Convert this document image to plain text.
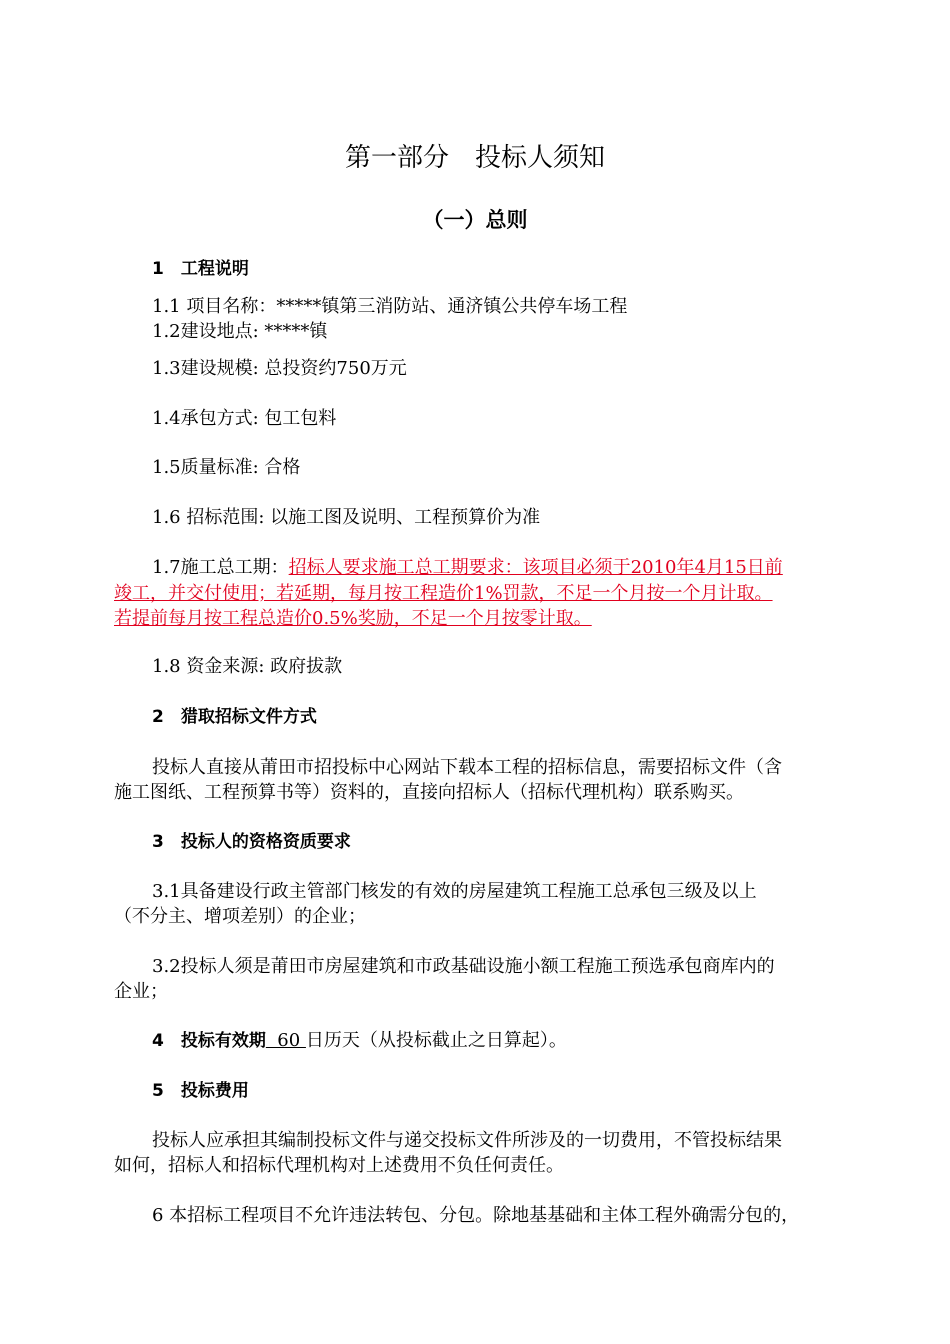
第一部分　投标人须知
（一）总则
1　工程说明
1.1 项目名称：*****镇第三消防站、通济镇公共停车场工程
1.2建设地点: *****镇
1.3建设规模: 总投资约750万元
1.4承包方式: 包工包料
1.5质量标准: 合格
1.6 招标范围: 以施工图及说明、工程预算价为准
1.7施工总工期：招标人要求施工总工期要求：该项目必须于2010年4月15日前
竣工，并交付使用；若延期，每月按工程造价1%罚款，不足一个月按一个月计取。
若提前每月按工程总造价0.5%奖励，不足一个月按零计取。
1.8 资金来源: 政府拔款
2　猎取招标文件方式
投标人直接从莆田市招投标中心网站下载本工程的招标信息，需要招标文件（含
施工图纸、工程预算书等）资料的，直接向招标人（招标代理机构）联系购买。
3　投标人的资格资质要求
3.1具备建设行政主管部门核发的有效的房屋建筑工程施工总承包三级及以上
（不分主、增项差别）的企业；
3.2投标人须是莆田市房屋建筑和市政基础设施小额工程施工预选承包商库内的
企业；
4　投标有效期  60 日历天（从投标截止之日算起）。
5　投标费用
投标人应承担其编制投标文件与递交投标文件所涉及的一切费用，不管投标结果
如何，招标人和招标代理机构对上述费用不负任何责任。
6 本招标工程项目不允许违法转包、分包。除地基基础和主体工程外确需分包的，
